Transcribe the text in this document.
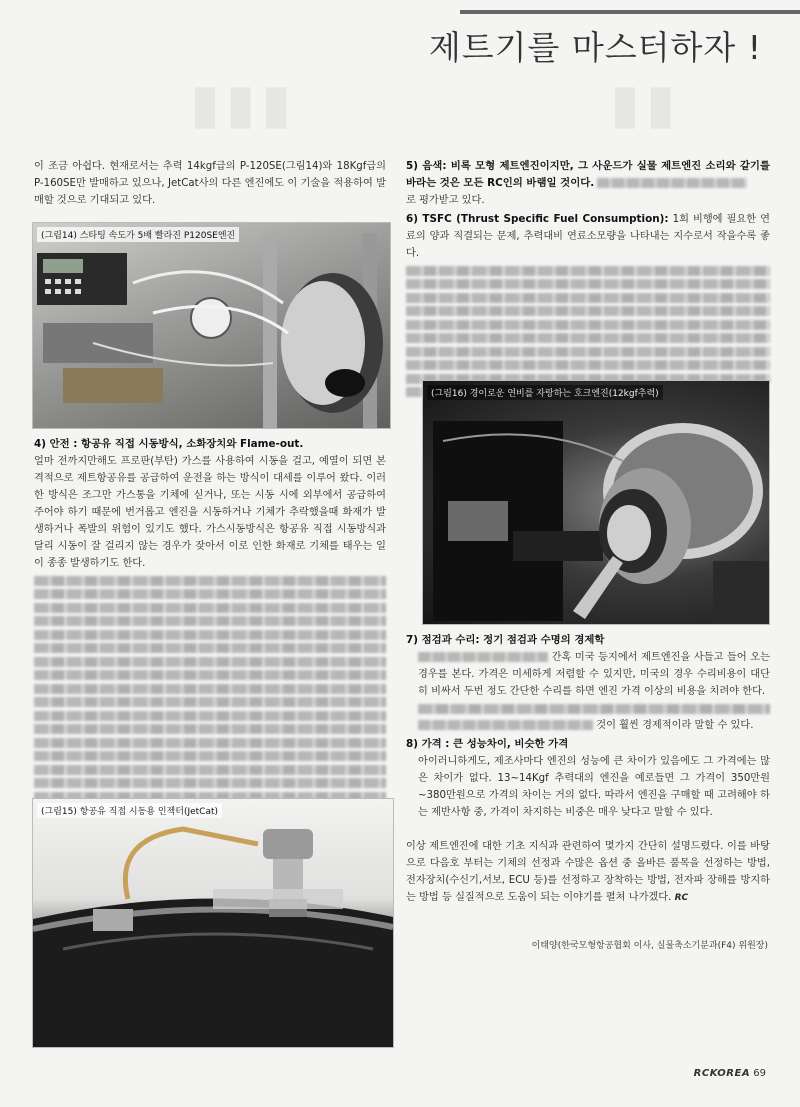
제트기를 마스터하자 !
▮▮▮	▮▮

이 조금 아쉽다. 현재로서는 추력 14kgf급의 P-120SE(그림14)와 18Kgf급의 P-160SE만 발매하고 있으나, JetCat사의 다른 엔진에도 이 기술을 적용하여 발매할 것으로 기대되고 있다.

(그림14) 스타팅 속도가 5배 빨라진 P120SE엔진

4) 안전 : 항공유 직접 시동방식, 소화장치와 Flame-out.

얼마 전까지만해도 프로판(부탄) 가스를 사용하여 시동을 걸고, 예열이 되면 본격적으로 제트항공유를 공급하여 운전을 하는 방식이 대세를 이루어 왔다. 이러한 방식은 조그만 가스통을 기체에 싣거나, 또는 시동 시에 외부에서 공급하여 주어야 하기 때문에 번거롭고 엔진을 시동하거나 기체가 추락했을때 화재가 발생하거나 폭발의 위험이 있기도 했다. 가스시동방식은 항공유 직접 시동방식과 달리 시동이 잘 걸리지 않는 경우가 잦아서 이로 인한 화재로 기체를 태우는 일이 종종 발생하기도 한다.

(그림15) 항공유 직접 시동용 인젝터(JetCat)

5) 음색: 비록 모형 제트엔진이지만, 그 사운드가 실물 제트엔진 소리와 같기를 바라는 것은 모든 RC인의 바램일 것이다.
로 평가받고 있다.

6) TSFC (Thrust Specific Fuel Consumption): 1회 비행에 필요한 연료의 양과 직결되는 문제, 추력대비 연료소모량을 나타내는 지수로서 작을수록 좋다.

(그림16) 경이로운 연비를 자랑하는 호크엔진(12kgf추력)

7) 점검과 수리: 정기 점검과 수명의 경제학

간혹 미국 등지에서 제트엔진을 사들고 들어 오는 경우를 본다. 가격은 미세하게 저렴할 수 있지만, 미국의 경우 수리비용이 대단히 비싸서 두번 정도 간단한 수리를 하면 엔진 가격 이상의 비용을 치려야 한다.

것이 훨씬 경제적이라 말할 수 있다.

8) 가격 : 큰 성능차이, 비슷한 가격

아이러니하게도, 제조사마다 엔진의 성능에 큰 차이가 있음에도 그 가격에는 많은 차이가 없다. 13~14Kgf 추력대의 엔진을 예로들면 그 가격이 350만원~380만원으로 가격의 차이는 거의 없다. 따라서 엔진을 구매할 때 고려해야 하는 제반사항 중, 가격이 차지하는 비중은 매우 낮다고 말할 수 있다.

이상 제트엔진에 대한 기초 지식과 관련하여 몇가지 간단히 설명드렸다. 이를 바탕으로 다음호 부터는 기체의 선정과 수많은 옵션 중 올바른 품목을 선정하는 방법, 전자장치(수신기,서보, ECU 등)를 선정하고 장착하는 방법, 전자파 장해를 방지하는 방법 등 실질적으로 도움이 되는 이야기를 펼쳐 나가겠다. RC

이태양(한국모형항공협회 이사, 실물축소기분과(F4) 위원장)
RCKOREA 69
